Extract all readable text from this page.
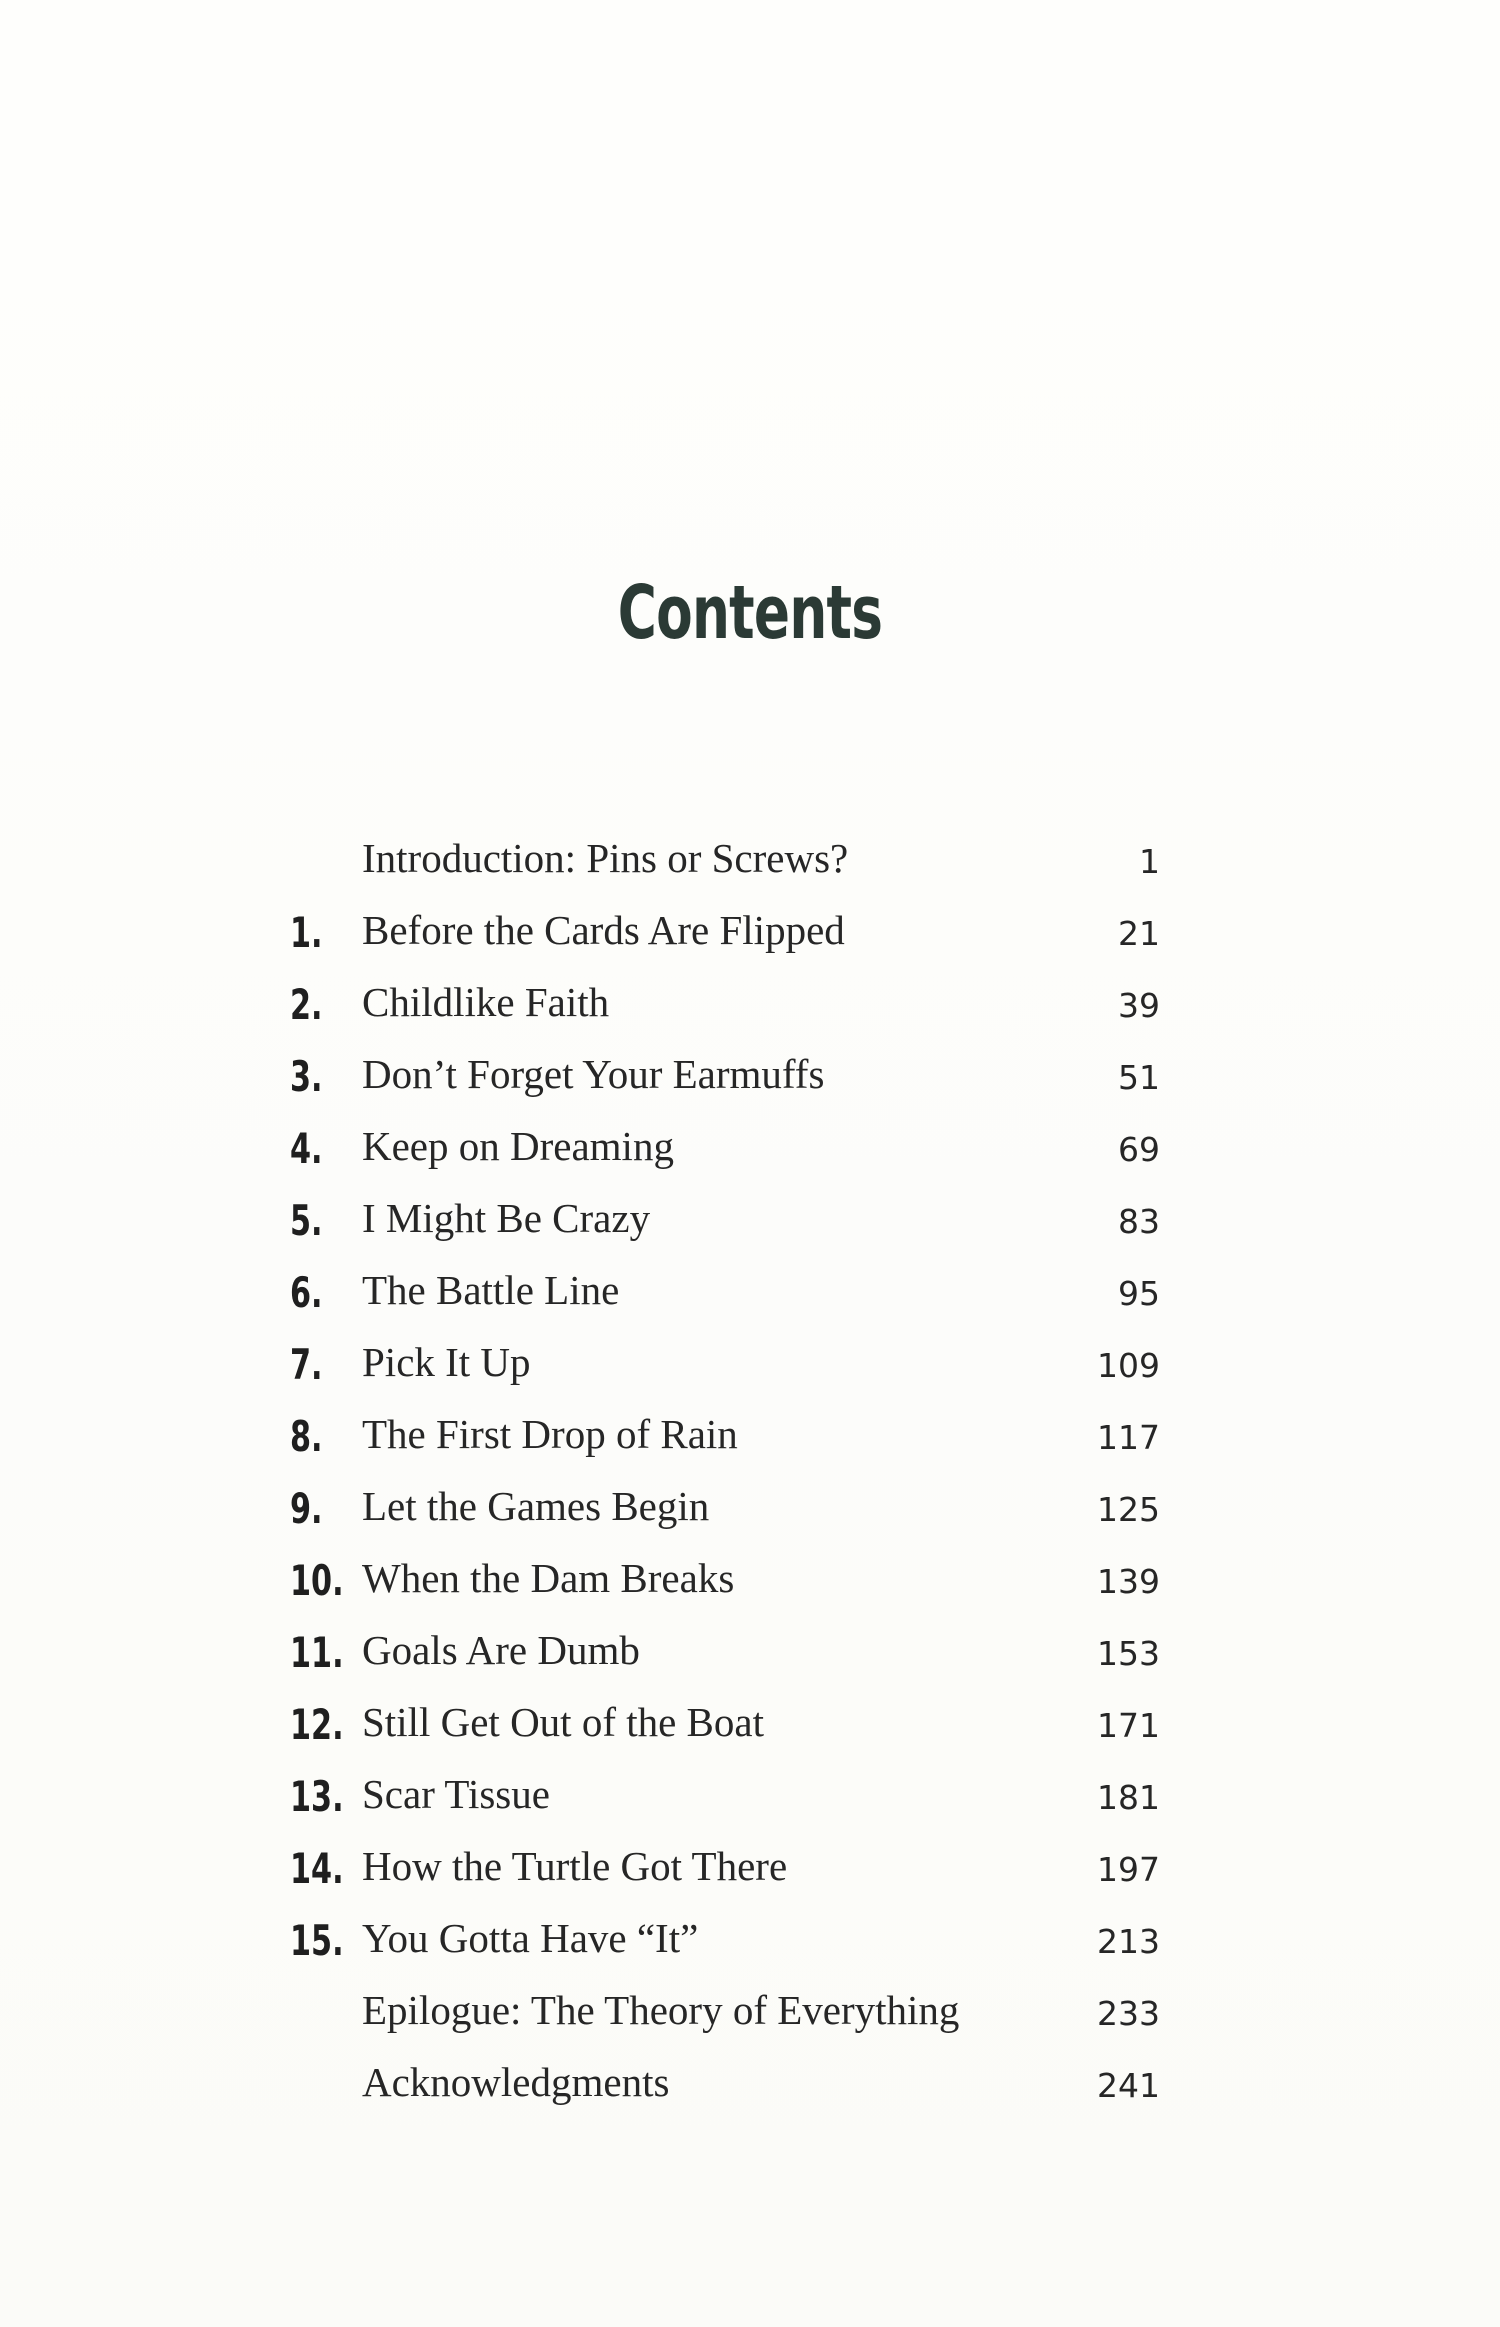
Contents
Introduction: Pins or Screws?	1
1. Before the Cards Are Flipped	21
2. Childlike Faith	39
3. Don’t Forget Your Earmuffs	51
4. Keep on Dreaming	69
5. I Might Be Crazy	83
6. The Battle Line	95
7. Pick It Up	109
8. The First Drop of Rain	117
9. Let the Games Begin	125
10. When the Dam Breaks	139
11. Goals Are Dumb	153
12. Still Get Out of the Boat	171
13. Scar Tissue	181
14. How the Turtle Got There	197
15. You Gotta Have “It”	213
Epilogue: The Theory of Everything	233
Acknowledgments	241
